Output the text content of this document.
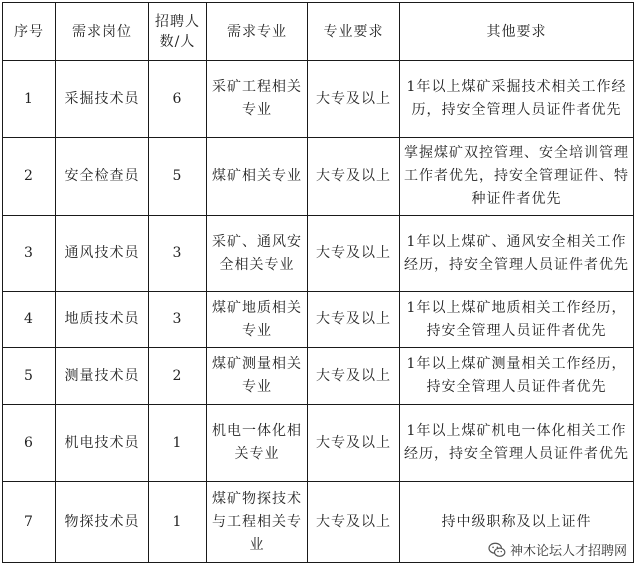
序号	需求岗位	招聘人数/人	需求专业	专业要求	其他要求
1	采掘技术员	6	采矿工程相关专业	大专及以上	1年以上煤矿采掘技术相关工作经历，持安全管理人员证件者优先
2	安全检查员	5	煤矿相关专业	大专及以上	掌握煤矿双控管理、安全培训管理工作者优先，持安全管理证件、特种证件者优先
3	通风技术员	3	采矿、通风安全相关专业	大专及以上	1年以上煤矿、通风安全相关工作经历，持安全管理人员证件者优先
4	地质技术员	3	煤矿地质相关专业	大专及以上	1年以上煤矿地质相关工作经历，持安全管理人员证件者优先
5	测量技术员	2	煤矿测量相关专业	大专及以上	1年以上煤矿测量相关工作经历，持安全管理人员证件者优先
6	机电技术员	1	机电一体化相关专业	大专及以上	1年以上煤矿机电一体化相关工作经历，持安全管理人员证件者优先
7	物探技术员	1	煤矿物探技术与工程相关专业	大专及以上	持中级职称及以上证件
神木论坛人才招聘网
